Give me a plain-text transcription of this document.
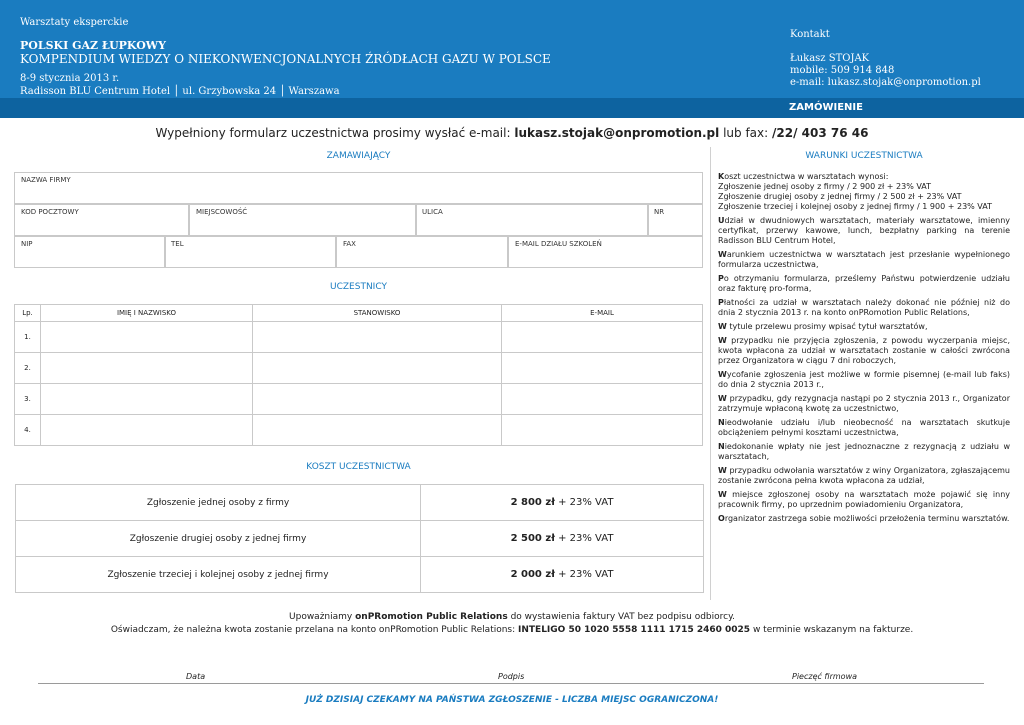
Warsztaty eksperckie
POLSKI GAZ ŁUPKOWY
KOMPENDIUM WIEDZY O NIEKONWENCJONALNYCH ŹRÓDŁACH GAZU W POLSCE
8-9 stycznia 2013 r.
Radisson BLU Centrum Hotel │ ul. Grzybowska 24 │ Warszawa
Kontakt
Łukasz STOJAK
mobile: 509 914 848
e-mail: lukasz.stojak@onpromotion.pl
ZAMÓWIENIE
Wypełniony formularz uczestnictwa prosimy wysłać e-mail: lukasz.stojak@onpromotion.pl lub fax: /22/ 403 76 46
ZAMAWIAJĄCY
NAZWA FIRMY
KOD POCZTOWY	MIEJSCOWOŚĆ	ULICA	NR
NIP	TEL	FAX	E-MAIL DZIAŁU SZKOLEŃ
UCZESTNICY
Lp.	IMIĘ I NAZWISKO	STANOWISKO	E-MAIL
1.			
2.			
3.			
4.			
KOSZT UCZESTNICTWA
Zgłoszenie jednej osoby z firmy	2 800 zł + 23% VAT
Zgłoszenie drugiej osoby z jednej firmy	2 500 zł + 23% VAT
Zgłoszenie trzeciej i kolejnej osoby z jednej firmy	2 000 zł + 23% VAT
WARUNKI UCZESTNICTWA
Koszt uczestnictwa w warsztatach wynosi:
Zgłoszenie jednej osoby z firmy / 2 900 zł + 23% VAT
Zgłoszenie drugiej osoby z jednej firmy / 2 500 zł + 23% VAT
Zgłoszenie trzeciej i kolejnej osoby z jednej firmy / 1 900 + 23% VAT

Udział w dwudniowych warsztatach, materiały warsztatowe, imienny certyfikat, przerwy kawowe, lunch, bezpłatny parking na terenie Radisson BLU Centrum Hotel,

Warunkiem uczestnictwa w warsztatach jest przesłanie wypełnionego formularza uczestnictwa,

Po otrzymaniu formularza, prześlemy Państwu potwierdzenie udziału oraz fakturę pro-forma,

Płatności za udział w warsztatach należy dokonać nie później niż do dnia 2 stycznia 2013 r. na konto onPRomotion Public Relations,

W tytule przelewu prosimy wpisać tytuł warsztatów,

W przypadku nie przyjęcia zgłoszenia, z powodu wyczerpania miejsc, kwota wpłacona za udział w warsztatach zostanie w całości zwrócona przez Organizatora w ciągu 7 dni roboczych,

Wycofanie zgłoszenia jest możliwe w formie pisemnej (e-mail lub faks) do dnia 2 stycznia 2013 r.,

W przypadku, gdy rezygnacja nastąpi po 2 stycznia 2013 r., Organizator zatrzymuje wpłaconą kwotę za uczestnictwo,

Nieodwołanie udziału i/lub nieobecność na warsztatach skutkuje obciążeniem pełnymi kosztami uczestnictwa,

Niedokonanie wpłaty nie jest jednoznaczne z rezygnacją z udziału w warsztatach,

W przypadku odwołania warsztatów z winy Organizatora, zgłaszającemu zostanie zwrócona pełna kwota wpłacona za udział,

W miejsce zgłoszonej osoby na warsztatach może pojawić się inny pracownik firmy, po uprzednim powiadomieniu Organizatora,

Organizator zastrzega sobie możliwości przełożenia terminu warsztatów.

Upoważniamy onPRomotion Public Relations do wystawienia faktury VAT bez podpisu odbiorcy.
Oświadczam, że należna kwota zostanie przelana na konto onPRomotion Public Relations: INTELIGO 50 1020 5558 1111 1715 2460 0025 w terminie wskazanym na fakturze.
Data	Podpis	Pieczęć firmowa
JUŻ DZISIAJ CZEKAMY NA PAŃSTWA ZGŁOSZENIE - LICZBA MIEJSC OGRANICZONA!
